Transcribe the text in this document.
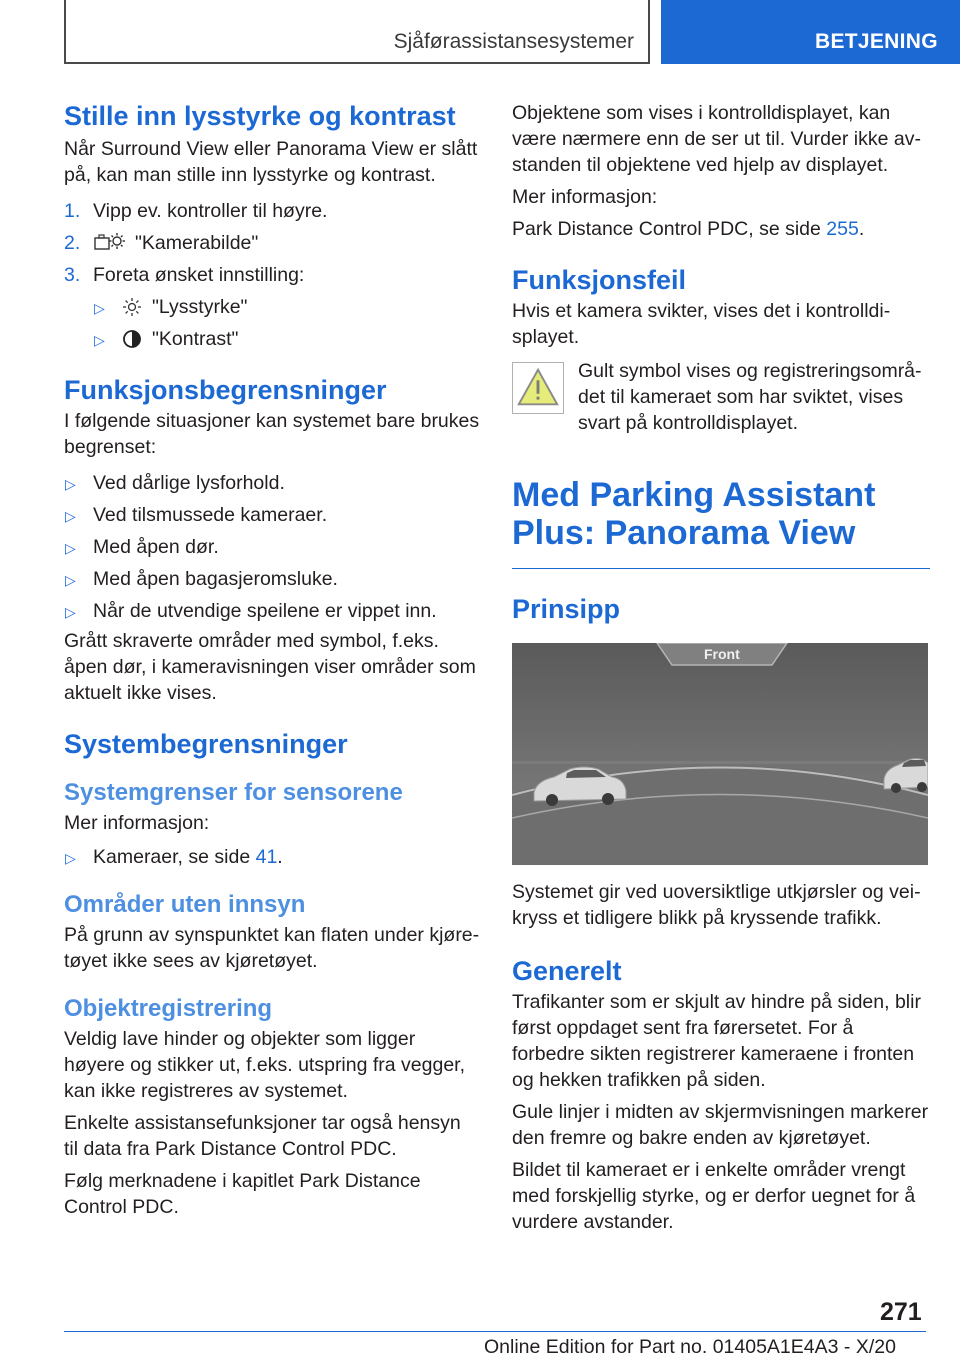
Sjåførassistansesystemer	BETJENING
Stille inn lysstyrke og kontrast
Når Surround View eller Panorama View er slått på, kan man stille inn lysstyrke og kontrast.
1. Vipp ev. kontroller til høyre.
2.	"Kamerabilde"
3. Foreta ønsket innstilling:
▷ "Lysstyrke"
▷ "Kontrast"
Funksjonsbegrensninger
I følgende situasjoner kan systemet bare brukes begrenset:
▷ Ved dårlige lysforhold.
▷ Ved tilsmussede kameraer.
▷ Med åpen dør.
▷ Med åpen bagasjeromsluke.
▷ Når de utvendige speilene er vippet inn.
Grått skraverte områder med symbol, f.eks. åpen dør, i kameravisningen viser områder som aktuelt ikke vises.
Systembegrensninger
Systemgrenser for sensorene
Mer informasjon:
▷ Kameraer, se side 41.
Områder uten innsyn
På grunn av synspunktet kan flaten under kjøretøyet ikke sees av kjøretøyet.
Objektregistrering
Veldig lave hinder og objekter som ligger høyere og stikker ut, f.eks. utspring fra vegger, kan ikke registreres av systemet.
Enkelte assistansefunksjoner tar også hensyn til data fra Park Distance Control PDC.
Følg merknadene i kapitlet Park Distance Control PDC.
Objektene som vises i kontrolldisplayet, kan være nærmere enn de ser ut til. Vurder ikke avstanden til objektene ved hjelp av displayet.
Mer informasjon:
Park Distance Control PDC, se side 255.
Funksjonsfeil
Hvis et kamera svikter, vises det i kontrolldisplayet.
Gult symbol vises og registreringsområdet til kameraet som har sviktet, vises svart på kontrolldisplayet.
Med Parking Assistant
Plus: Panorama View
Prinsipp
Front
Systemet gir ved uoversiktlige utkjørsler og veikryss et tidligere blikk på kryssende trafikk.
Generelt
Trafikanter som er skjult av hindre på siden, blir først oppdaget sent fra førersetet. For å forbedre sikten registrerer kameraene i fronten og hekken trafikken på siden.
Gule linjer i midten av skjermvisningen markerer den fremre og bakre enden av kjøretøyet.
Bildet til kameraet er i enkelte områder vrengt med forskjellig styrke, og er derfor uegnet for å vurdere avstander.
271
Online Edition for Part no. 01405A1E4A3 - X/20
